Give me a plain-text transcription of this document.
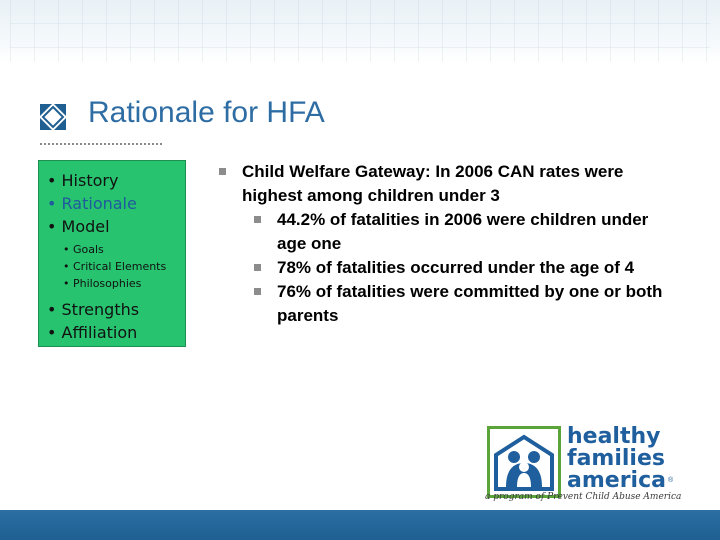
Rationale for HFA
• History
• Rationale
• Model
• Goals
• Critical Elements
• Philosophies
• Strengths
• Affiliation
Child Welfare Gateway: In 2006 CAN rates were highest among children under 3
44.2% of fatalities in 2006 were children under age one
78% of fatalities occurred under the age of 4
76% of fatalities were committed by one or both parents
healthy
families
america ®
a program of Prevent Child Abuse America
